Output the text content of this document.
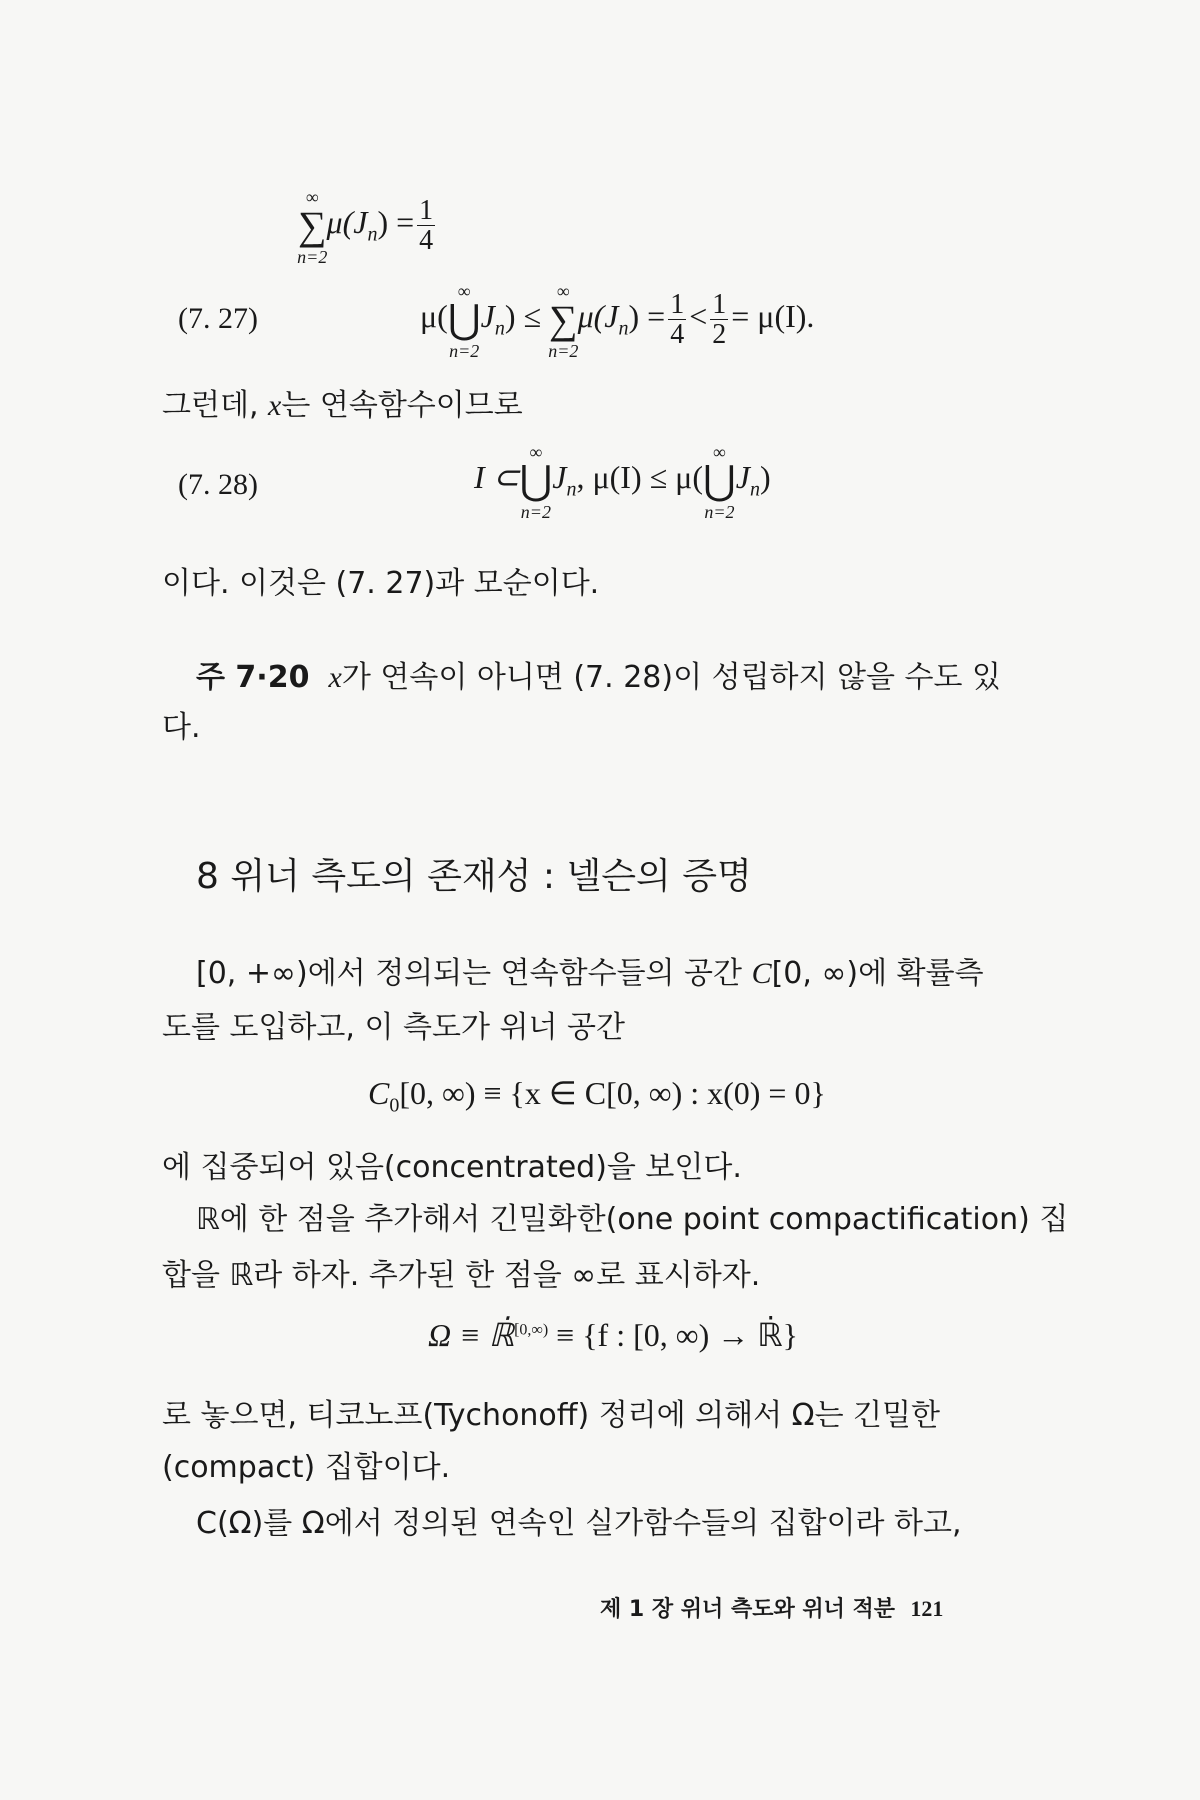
∑
∞
n=2
$\mu(J_n) = \frac{1}{4}$
(7. 27)	μ(⋃
∞
n=2
$J_n$) ≤ ∑
∞
n=2
$\mu(J_n) = \frac{1}{4} < \frac{1}{2} = \mu(I)$.
그런데, x는 연속함수이므로
(7. 28)	I ⊂⋃
∞
n=2
$J_n$, μ(I) ≤ μ(⋃
∞
n=2
$J_n$)
이다. 이것은 (7. 27)과 모순이다.
주 7·20 x가 연속이 아니면 (7. 28)이 성립하지 않을 수도 있
다.
8 위너 측도의 존재성 : 넬슨의 증명
[0, +∞)에서 정의되는 연속함수들의 공간 C[0, ∞)에 확률측
도를 도입하고, 이 측도가 위너 공간
$C_0[0$, ∞) ≡ {x ∈ C[0, ∞) : x(0) = 0}
에 집중되어 있음(concentrated)을 보인다.
ℝ에 한 점을 추가해서 긴밀화한(one point compactification) 집
합을 ℝ̇라 하자. 추가된 한 점을 ∞로 표시하자.
Ω ≡ ℝ̇$^{[0,\infty)}$ ≡ {f : [0, ∞) → ℝ̇}
로 놓으면, 티코노프(Tychonoff) 정리에 의해서 Ω는 긴밀한
(compact) 집합이다.
C(Ω)를 Ω에서 정의된 연속인 실가함수들의 집합이라 하고,
제 1 장 위너 측도와 위너 적분 121
